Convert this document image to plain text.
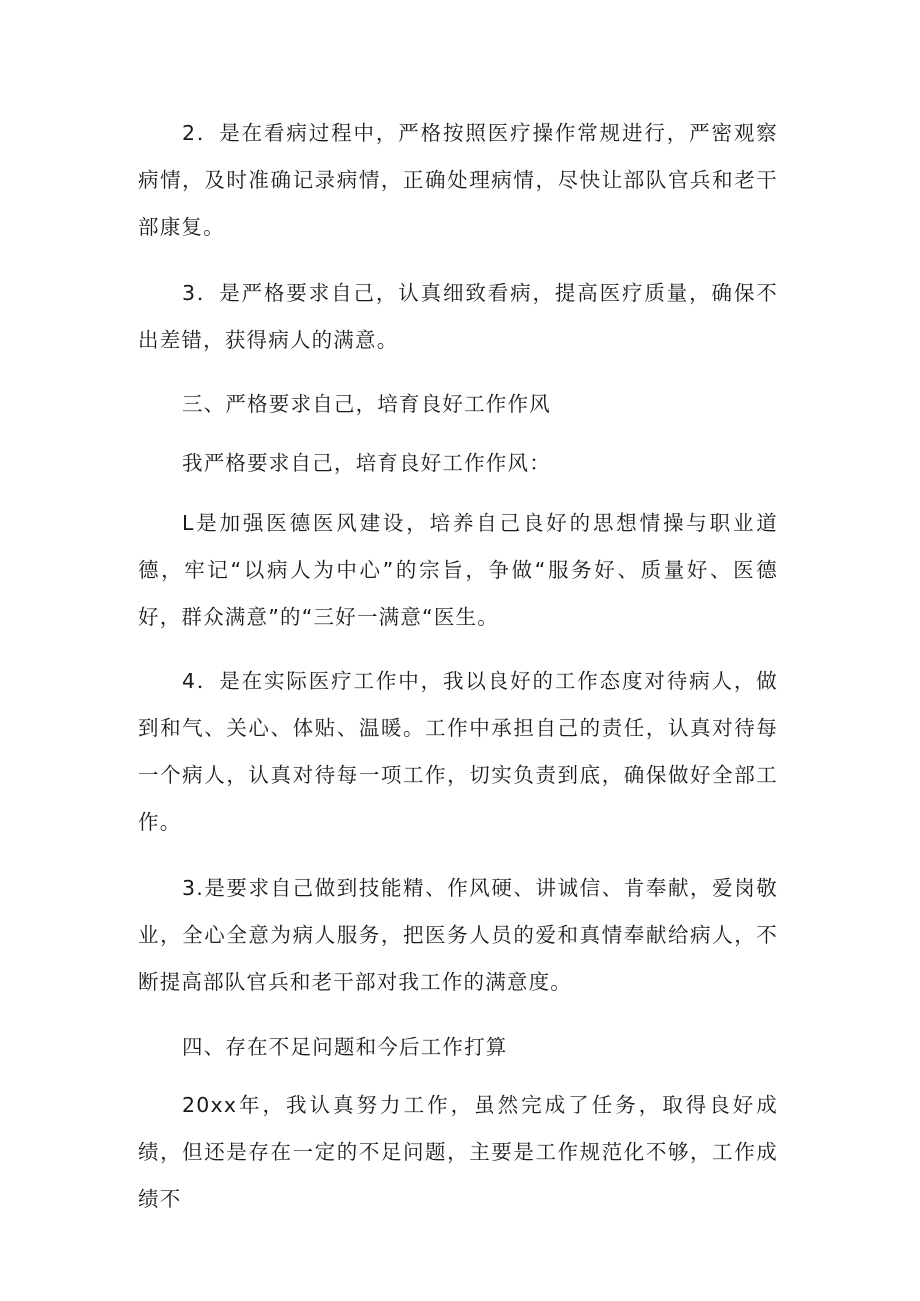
2．是在看病过程中，严格按照医疗操作常规进行，严密观察病情，及时准确记录病情，正确处理病情，尽快让部队官兵和老干部康复。

3．是严格要求自己，认真细致看病，提高医疗质量，确保不出差错，获得病人的满意。

三、严格要求自己，培育良好工作作风

我严格要求自己，培育良好工作作风：

L是加强医德医风建设，培养自己良好的思想情操与职业道德，牢记“以病人为中心”的宗旨，争做“服务好、质量好、医德好，群众满意”的“三好一满意“医生。

4．是在实际医疗工作中，我以良好的工作态度对待病人，做到和气、关心、体贴、温暖。工作中承担自己的责任，认真对待每一个病人，认真对待每一项工作，切实负责到底，确保做好全部工作。

3.是要求自己做到技能精、作风硬、讲诚信、肯奉献，爱岗敬业，全心全意为病人服务，把医务人员的爱和真情奉献给病人，不断提高部队官兵和老干部对我工作的满意度。

四、存在不足问题和今后工作打算

20xx年，我认真努力工作，虽然完成了任务，取得良好成绩，但还是存在一定的不足问题，主要是工作规范化不够，工作成绩不
